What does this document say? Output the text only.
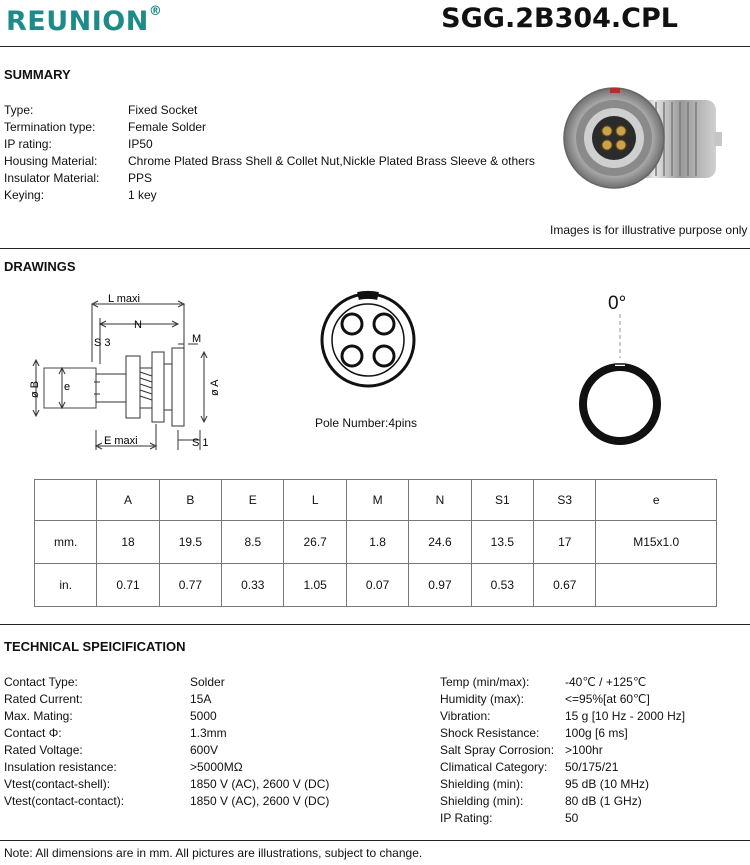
REUNION®	SGG.2B304.CPL
SUMMARY
Type:	Fixed Socket
Termination type:	Female Solder
IP rating:	IP50
Housing Material:	Chrome Plated Brass Shell & Collet Nut,Nickle Plated Brass Sleeve & others
Insulator Material: PPS
Keying:	1 key
Images is for illustrative purpose only
DRAWINGS
L maxi
N
S 3	M
ø B e	ø A
E maxi	S 1
Pole Number:4pins
0°
	A	B	E	L	M	N	S1	S3	e
mm.	18	19.5	8.5	26.7	1.8	24.6	13.5	17	M15x1.0
in.	0.71	0.77	0.33	1.05	0.07	0.97	0.53	0.67	
TECHNICAL SPEICIFICATION
Contact Type:	Solder
Rated Current:	15A
Max. Mating:	5000
Contact Φ:	1.3mm
Rated Voltage:	600V
Insulation resistance:	>5000MΩ
Vtest(contact-shell):	1850 V (AC), 2600 V (DC)
Vtest(contact-contact):	1850 V (AC), 2600 V (DC)
Temp (min/max):	-40℃ / +125℃
Humidity (max):	<=95%[at 60℃]
Vibration:	15 g [10 Hz - 2000 Hz]
Shock Resistance: 100g [6 ms]
Salt Spray Corrosion: >100hr
Climatical Category: 50/175/21
Shielding (min):	95 dB (10 MHz)
Shielding (min):	80 dB (1 GHz)
IP Rating:	50
Note: All dimensions are in mm. All pictures are illustrations, subject to change.
